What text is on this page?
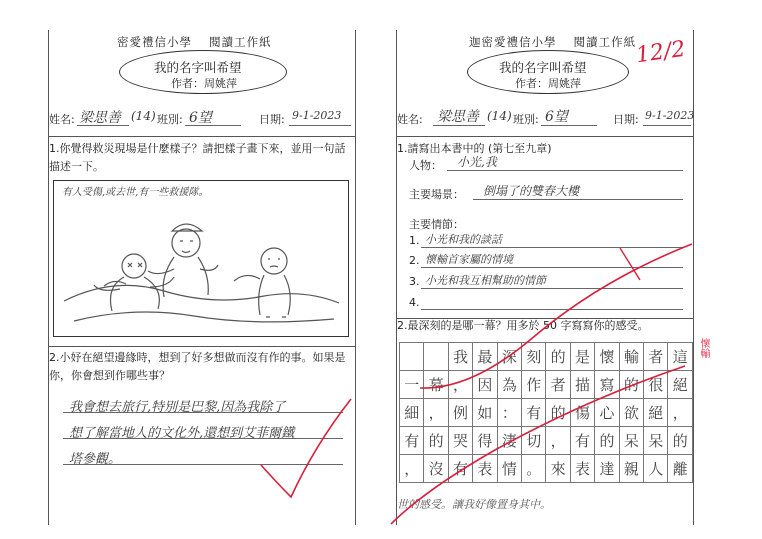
密愛禮信小學　 閱讀工作紙
我的名字叫希望
作者：周姚萍
姓名: 梁思善 (14) 班別: 6望	日期: 9-1-2023
1.你覺得救災現場是什麼樣子？請把樣子畫下來，並用一句話描述一下。
有人受傷,或去世,有一些救援隊。
2.小妤在絕望邊緣時，想到了好多想做而沒有作的事。如果是你，你會想到作哪些事？
我會想去旅行,特別是巴黎,因為我除了
想了解當地人的文化外,還想到艾菲爾鐵
塔參觀。
迦密愛禮信小學　 閱讀工作紙
我的名字叫希望
作者：周姚萍
姓名: 梁思善 (14) 班別: 6望	日期: 9-1-2023
1.請寫出本書中的 (第七至九章)
人物： 小光,我
主要場景： 倒塌了的雙春大樓
主要情節：
1. 小光和我的談話
2. 懷輸首家屬的情境
3. 小光和我互相幫助的情節
4.
2.最深刻的是哪一幕？用多於 50 字寫寫你的感受。
		我	最	深	刻	的	是	懷	輸	者	這
一	幕	，	因	為	作	者	描	寫	的	很	絕
細	，	例	如	：	有	的	傷	心	欲	絕	，
有	的	哭	得	淒	切	，	有	的	呆	呆	的
，	沒	有	表	情	。	來	表	達	親	人	離
世的感受。讓我好像置身其中。
12/2
懷輸
